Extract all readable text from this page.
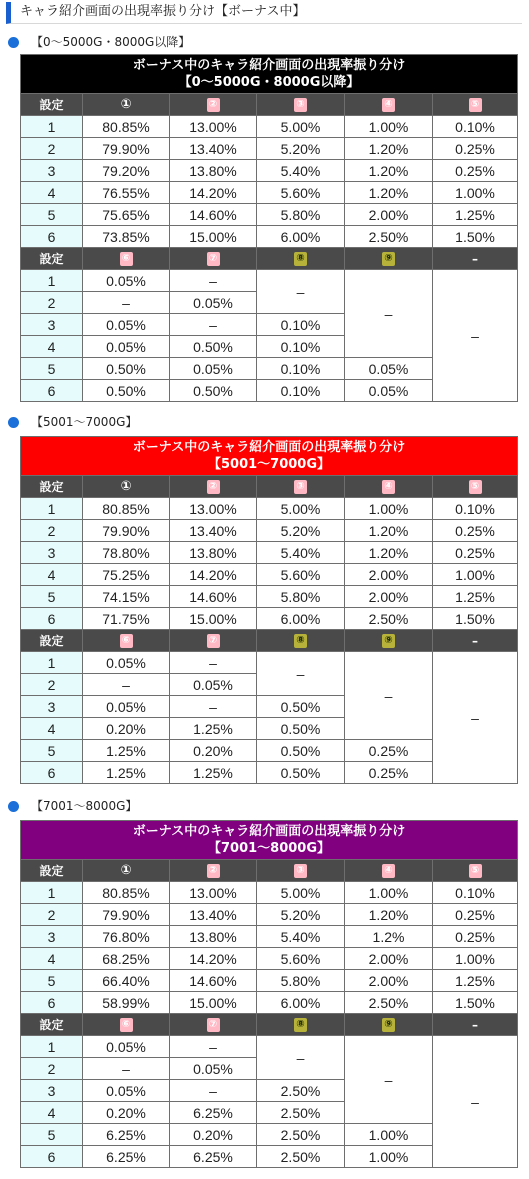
キャラ紹介画面の出現率振り分け【ボーナス中】
【0～5000G・8000G以降】
ボーナス中のキャラ紹介画面の出現率振り分け
【0～5000G・8000G以降】					

設定	①	②	③	④	⑤
1	80.85%	13.00%	5.00%	1.00%	0.10%
2	79.90%	13.40%	5.20%	1.20%	0.25%
3	79.20%	13.80%	5.40%	1.20%	0.25%
4	76.55%	14.20%	5.60%	1.20%	1.00%
5	75.65%	14.60%	5.80%	2.00%	1.25%
6	73.85%	15.00%	6.00%	2.50%	1.50%
設定	⑥	⑦	⑧	⑨	–
1	0.05%	–	–	–	–
2	–	0.05%			
3	0.05%	–	0.10%		
4	0.05%	0.50%	0.10%		
5	0.50%	0.05%	0.10%	0.05%	
6	0.50%	0.50%	0.10%	0.05%	
【5001～7000G】
ボーナス中のキャラ紹介画面の出現率振り分け
【5001～7000G】					

設定	①	②	③	④	⑤
1	80.85%	13.00%	5.00%	1.00%	0.10%
2	79.90%	13.40%	5.20%	1.20%	0.25%
3	78.80%	13.80%	5.40%	1.20%	0.25%
4	75.25%	14.20%	5.60%	2.00%	1.00%
5	74.15%	14.60%	5.80%	2.00%	1.25%
6	71.75%	15.00%	6.00%	2.50%	1.50%
設定	⑥	⑦	⑧	⑨	–
1	0.05%	–	–	–	–
2	–	0.05%			
3	0.05%	–	0.50%		
4	0.20%	1.25%	0.50%		
5	1.25%	0.20%	0.50%	0.25%	
6	1.25%	1.25%	0.50%	0.25%	
【7001～8000G】
ボーナス中のキャラ紹介画面の出現率振り分け
【7001～8000G】					

設定	①	②	③	④	⑤
1	80.85%	13.00%	5.00%	1.00%	0.10%
2	79.90%	13.40%	5.20%	1.20%	0.25%
3	76.80%	13.80%	5.40%	1.2%	0.25%
4	68.25%	14.20%	5.60%	2.00%	1.00%
5	66.40%	14.60%	5.80%	2.00%	1.25%
6	58.99%	15.00%	6.00%	2.50%	1.50%
設定	⑥	⑦	⑧	⑨	–
1	0.05%	–	–	–	–
2	–	0.05%			
3	0.05%	–	2.50%		
4	0.20%	6.25%	2.50%		
5	6.25%	0.20%	2.50%	1.00%	
6	6.25%	6.25%	2.50%	1.00%	
